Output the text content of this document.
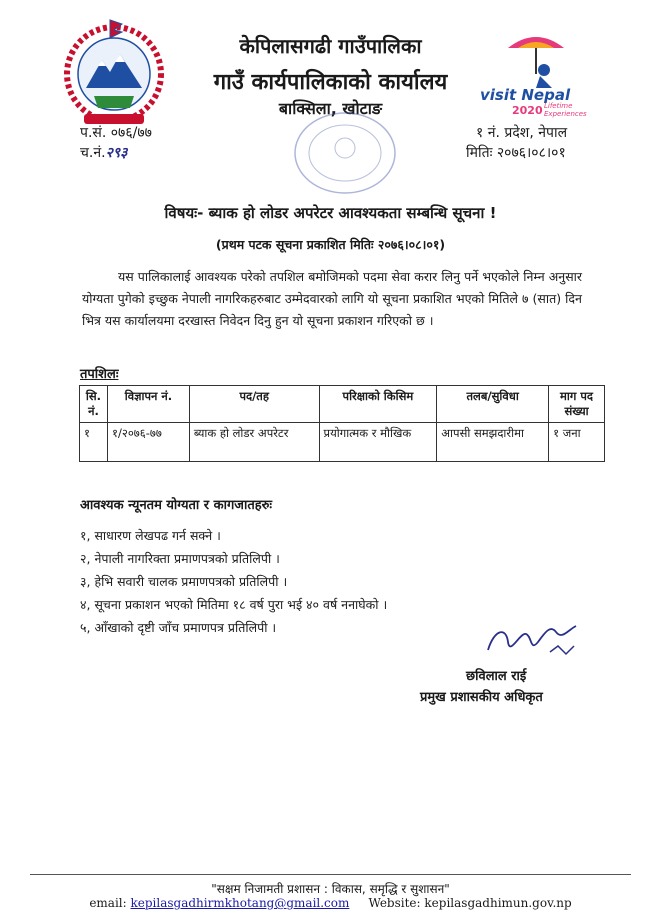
केपिलासगढी गाउँपालिका
गाउँ कार्यपालिकाको कार्यालय
बाक्सिला, खोटाङ
visit Nepal
2020 Lifetime
Experiences
प.सं. ०७६/७७
च.नं.२९३
१ नं. प्रदेश, नेपाल
मितिः २०७६।०८।०१
विषयः- ब्याक हो लोडर अपरेटर आवश्यकता सम्बन्धि सूचना !
(प्रथम पटक सूचना प्रकाशित मितिः २०७६।०८।०१)
यस पालिकालाई आवश्यक परेको तपशिल बमोजिमको पदमा सेवा करार लिनु पर्ने भएकोले निम्न अनुसार योग्यता पुगेको इच्छुक नेपाली नागरिकहरुबाट उम्मेदवारको लागि यो सूचना प्रकाशित भएको मितिले ७ (सात) दिन भित्र यस कार्यालयमा दरखास्त निवेदन दिनु हुन यो सूचना प्रकाशन गरिएको छ ।
तपशिलः
सि. नं.	विज्ञापन नं.	पद/तह	परिक्षाको किसिम	तलब/सुविधा	माग पद संख्या
१	१/२०७६-७७	ब्याक हो लोडर अपरेटर	प्रयोगात्मक र मौखिक	आपसी समझदारीमा	१ जना
आवश्यक न्यूनतम योग्यता र कागजातहरुः
१, साधारण लेखपढ गर्न सक्ने ।
२, नेपाली नागरिक्ता प्रमाणपत्रको प्रतिलिपी ।
३, हेभि सवारी चालक प्रमाणपत्रको प्रतिलिपी ।
४, सूचना प्रकाशन भएको मितिमा १८ वर्ष पुरा भई ४० वर्ष ननाघेको ।
५, आँखाको दृष्टी जाँच प्रमाणपत्र प्रतिलिपी ।
छविलाल राई
प्रमुख प्रशासकीय अधिकृत
"सक्षम निजामती प्रशासन : विकास, समृद्धि र सुशासन"
email: kepilasgadhirmkhotang@gmail.com Website: kepilasgadhimun.gov.np
